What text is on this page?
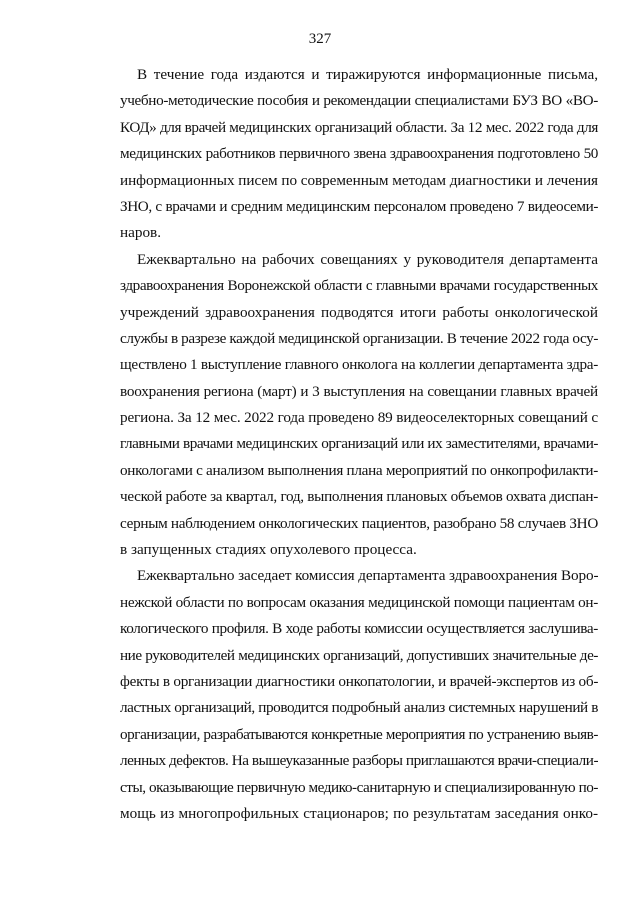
327

В течение года издаются и тиражируются информационные письма,
учебно-методические пособия и рекомендации специалистами БУЗ ВО «ВО-
КОД» для врачей медицинских организаций области. За 12 мес. 2022 года для
медицинских работников первичного звена здравоохранения подготовлено 50
информационных писем по современным методам диагностики и лечения
ЗНО, с врачами и средним медицинским персоналом проведено 7 видеосеми-
наров.

Ежеквартально на рабочих совещаниях у руководителя департамента
здравоохранения Воронежской области с главными врачами государственных
учреждений здравоохранения подводятся итоги работы онкологической
службы в разрезе каждой медицинской организации. В течение 2022 года осу-
ществлено 1 выступление главного онколога на коллегии департамента здра-
воохранения региона (март) и 3 выступления на совещании главных врачей
региона. За 12 мес. 2022 года проведено 89 видеоселекторных совещаний с
главными врачами медицинских организаций или их заместителями, врачами-
онкологами с анализом выполнения плана мероприятий по онкопрофилакти-
ческой работе за квартал, год, выполнения плановых объемов охвата диспан-
серным наблюдением онкологических пациентов, разобрано 58 случаев ЗНО
в запущенных стадиях опухолевого процесса.

Ежеквартально заседает комиссия департамента здравоохранения Воро-
нежской области по вопросам оказания медицинской помощи пациентам он-
кологического профиля. В ходе работы комиссии осуществляется заслушива-
ние руководителей медицинских организаций, допустивших значительные де-
фекты в организации диагностики онкопатологии, и врачей-экспертов из об-
ластных организаций, проводится подробный анализ системных нарушений в
организации, разрабатываются конкретные мероприятия по устранению выяв-
ленных дефектов. На вышеуказанные разборы приглашаются врачи-специали-
сты, оказывающие первичную медико-санитарную и специализированную по-
мощь из многопрофильных стационаров; по результатам заседания онко-
